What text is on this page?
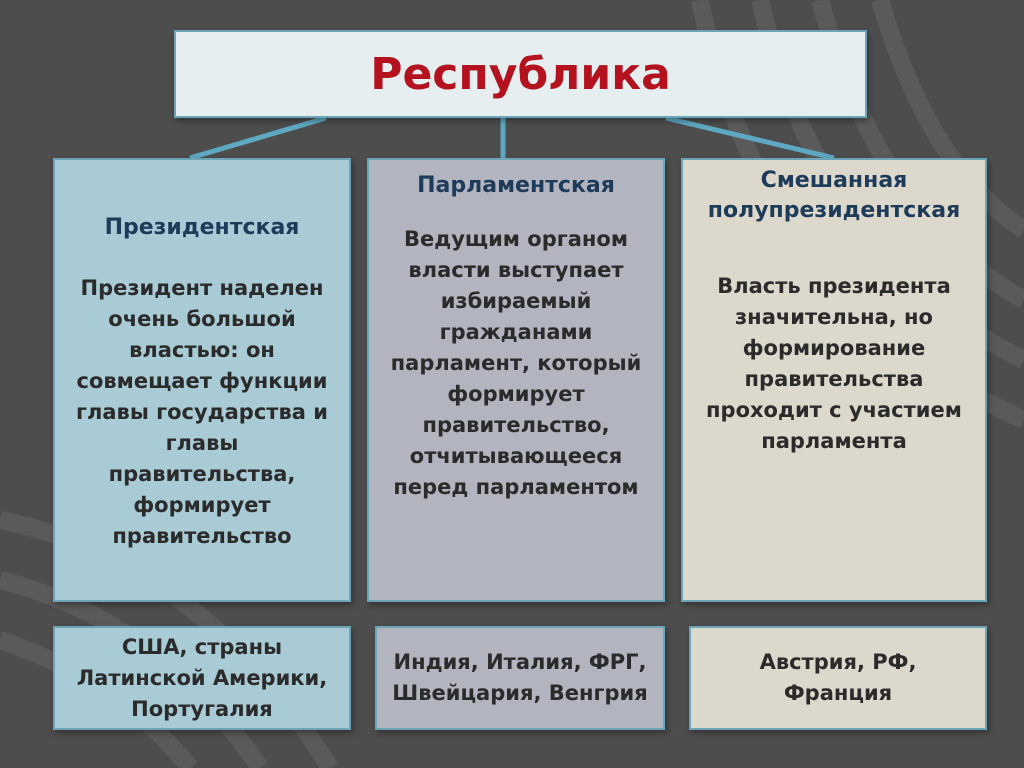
Республика
Президентская
Президент наделен
очень большой
властью: он
совмещает функции
главы государства и
главы
правительства,
формирует
правительство
Парламентская
Ведущим органом
власти выступает
избираемый
гражданами
парламент, который
формирует
правительство,
отчитывающееся
перед парламентом
Смешанная
полупрезидентская
Власть президента
значительна, но
формирование
правительства
проходит с участием
парламента
США, страны
Латинской Америки,
Португалия
Индия, Италия, ФРГ,
Швейцария, Венгрия
Австрия, РФ,
Франция
